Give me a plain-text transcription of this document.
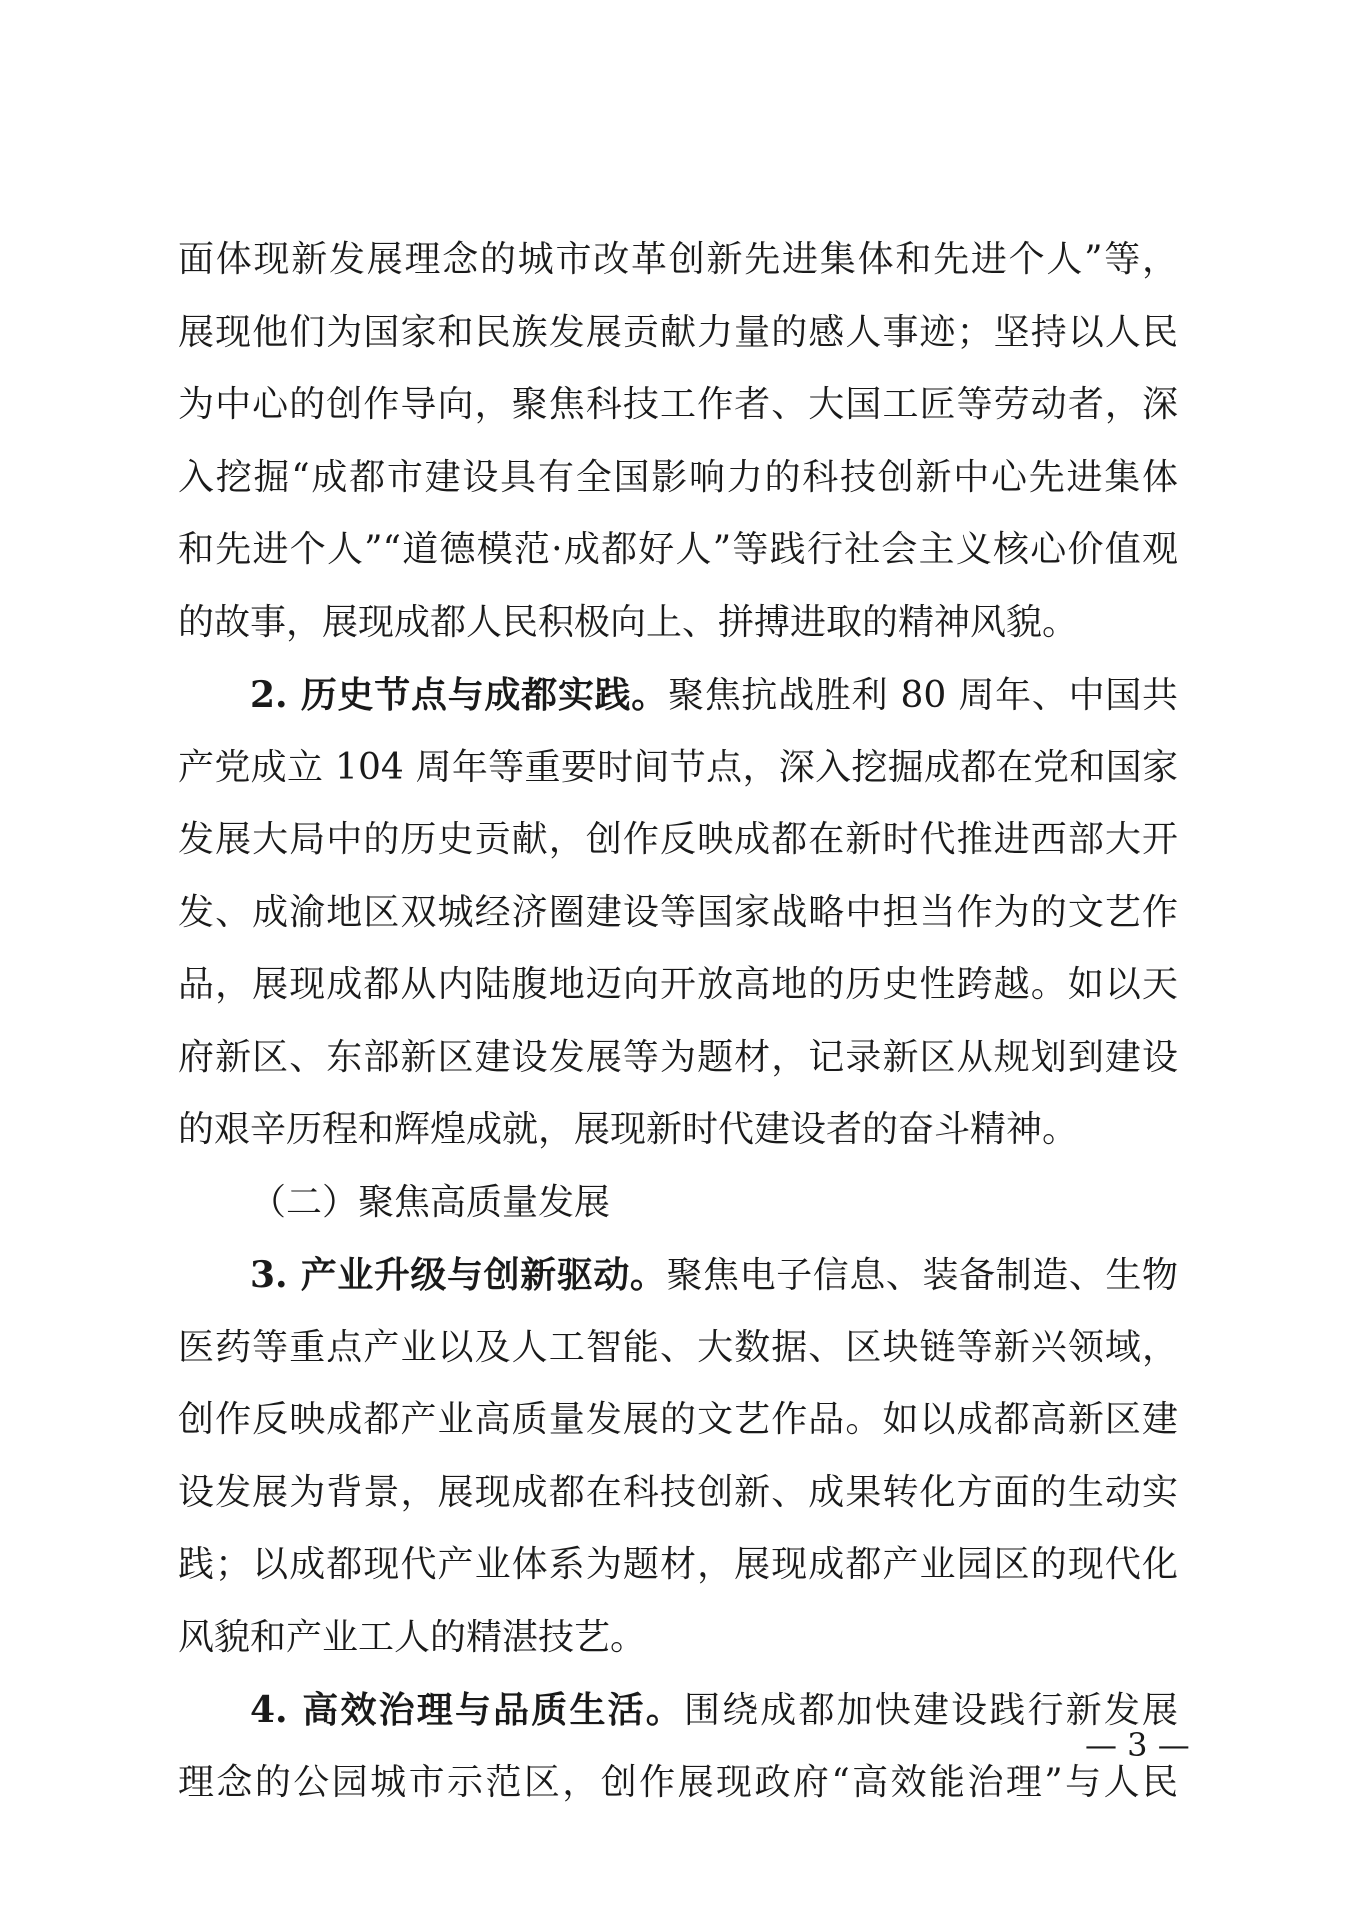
面体现新发展理念的城市改革创新先进集体和先进个人”等，
展现他们为国家和民族发展贡献力量的感人事迹；坚持以人民
为中心的创作导向，聚焦科技工作者、大国工匠等劳动者，深
入挖掘“成都市建设具有全国影响力的科技创新中心先进集体
和先进个人”“道德模范·成都好人”等践行社会主义核心价值观
的故事，展现成都人民积极向上、拼搏进取的精神风貌。
2. 历史节点与成都实践。聚焦抗战胜利 80 周年、中国共
产党成立 104 周年等重要时间节点，深入挖掘成都在党和国家
发展大局中的历史贡献，创作反映成都在新时代推进西部大开
发、成渝地区双城经济圈建设等国家战略中担当作为的文艺作
品，展现成都从内陆腹地迈向开放高地的历史性跨越。如以天
府新区、东部新区建设发展等为题材，记录新区从规划到建设
的艰辛历程和辉煌成就，展现新时代建设者的奋斗精神。
（二）聚焦高质量发展
3. 产业升级与创新驱动。聚焦电子信息、装备制造、生物
医药等重点产业以及人工智能、大数据、区块链等新兴领域，
创作反映成都产业高质量发展的文艺作品。如以成都高新区建
设发展为背景，展现成都在科技创新、成果转化方面的生动实
践；以成都现代产业体系为题材，展现成都产业园区的现代化
风貌和产业工人的精湛技艺。
4. 高效治理与品质生活。围绕成都加快建设践行新发展
理念的公园城市示范区，创作展现政府“高效能治理”与人民
— 3 —
